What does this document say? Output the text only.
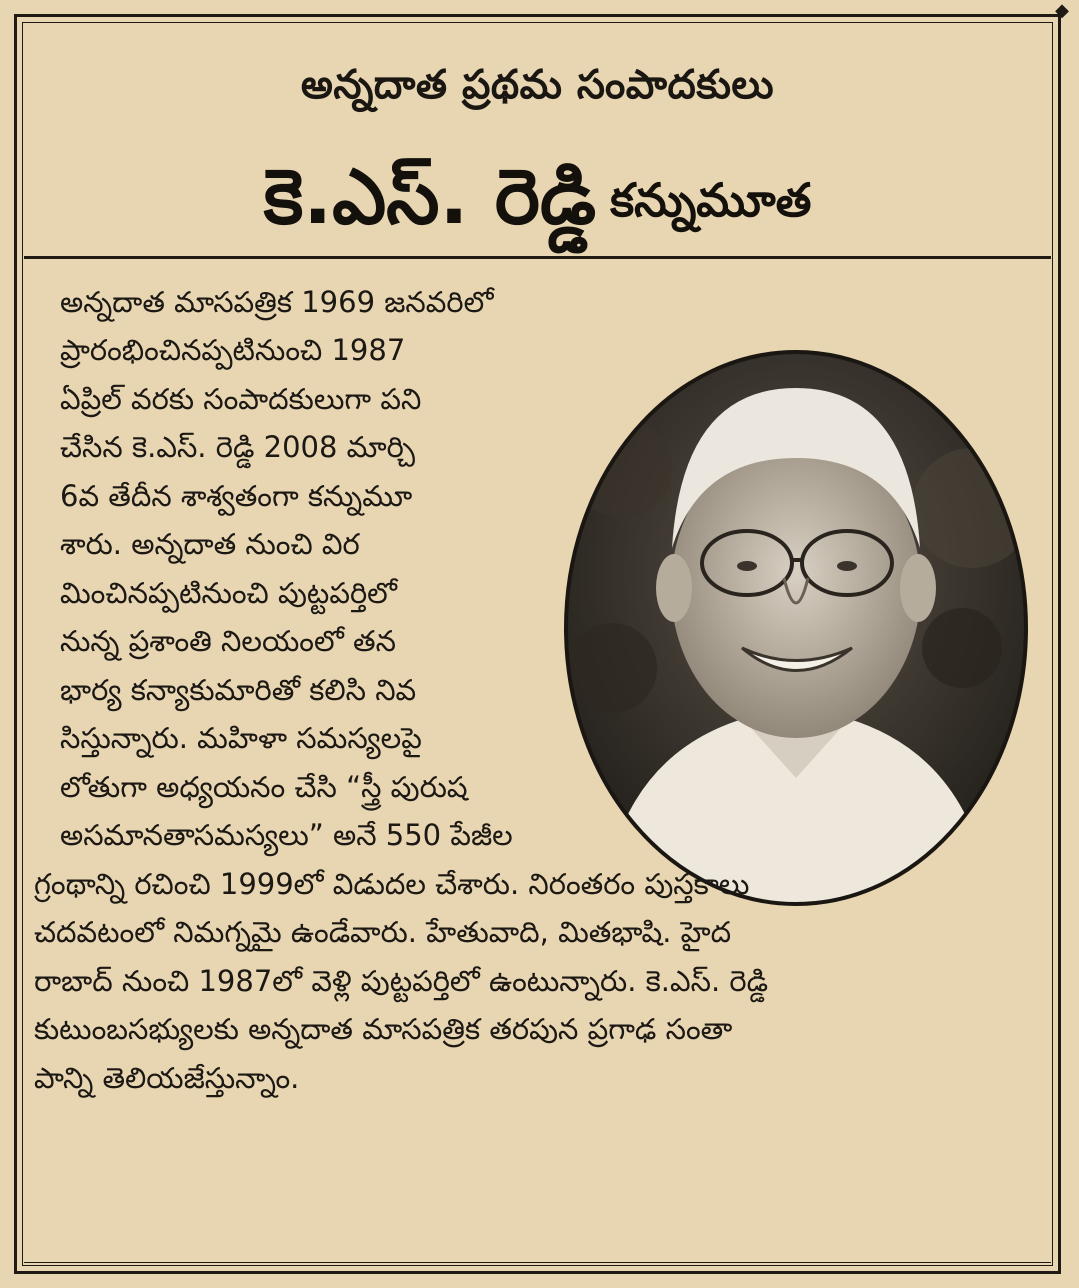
◆
అన్నదాత ప్రథమ సంపాదకులు
కె.ఎస్. రెడ్డి కన్నుమూత
అన్నదాత మాసపత్రిక 1969 జనవరిలో
ప్రారంభించినప్పటినుంచి 1987
ఏప్రిల్ వరకు సంపాదకులుగా పని
చేసిన కె.ఎస్. రెడ్డి 2008 మార్చి
6వ తేదీన శాశ్వతంగా కన్నుమూ
శారు. అన్నదాత నుంచి విర
మించినప్పటినుంచి పుట్టపర్తిలో
నున్న ప్రశాంతి నిలయంలో తన
భార్య కన్యాకుమారితో కలిసి నివ
సిస్తున్నారు. మహిళా సమస్యలపై
లోతుగా అధ్యయనం చేసి “స్త్రీ పురుష
అసమానతాసమస్యలు” అనే 550 పేజీల
గ్రంథాన్ని రచించి 1999లో విడుదల చేశారు. నిరంతరం పుస్తకాలు
చదవటంలో నిమగ్నమై ఉండేవారు. హేతువాది, మితభాషి. హైద
రాబాద్ నుంచి 1987లో వెళ్లి పుట్టపర్తిలో ఉంటున్నారు. కె.ఎస్. రెడ్డి
కుటుంబసభ్యులకు అన్నదాత మాసపత్రిక తరపున ప్రగాఢ సంతా
పాన్ని తెలియజేస్తున్నాం.
